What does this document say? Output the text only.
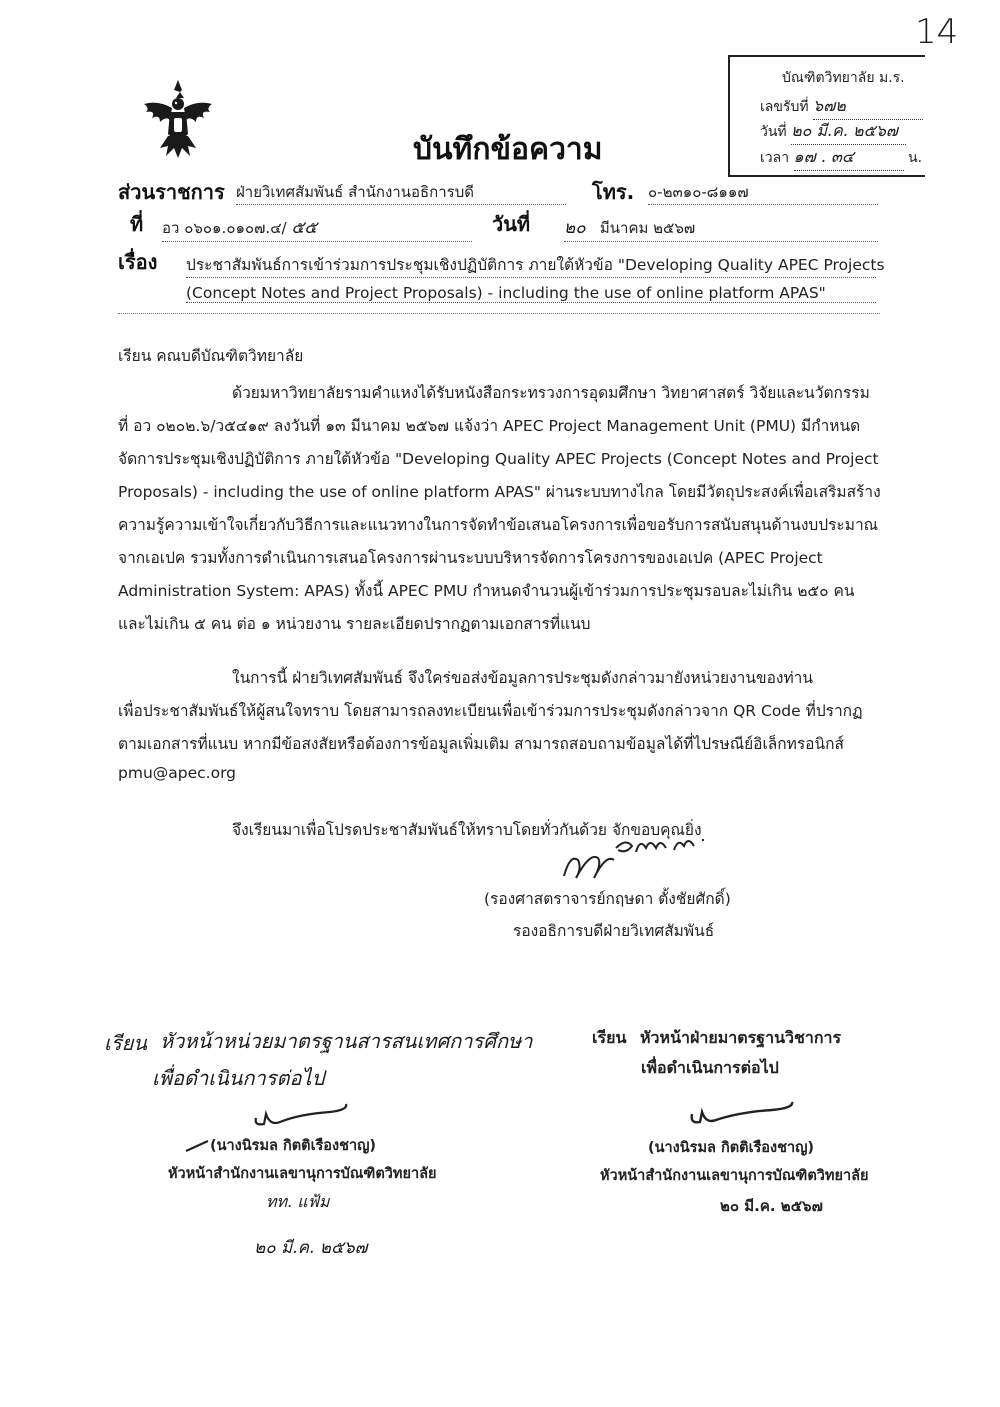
14
บัณฑิตวิทยาลัย ม.ร.
เลขรับที่ ๖๗๒
วันที่ ๒๐ มี.ค. ๒๕๖๗
เวลา ๑๗ . ๓๔	น.
บันทึกข้อความ
ส่วนราชการ ฝ่ายวิเทศสัมพันธ์ สำนักงานอธิการบดี	โทร. ๐-๒๓๑๐-๘๑๑๗
ที่ อว ๐๖๐๑.๐๑๐๗.๔/ ๕๕	วันที่ ๒๐ มีนาคม ๒๕๖๗
เรื่อง ประชาสัมพันธ์การเข้าร่วมการประชุมเชิงปฏิบัติการ ภายใต้หัวข้อ "Developing Quality APEC Projects
(Concept Notes and Project Proposals) - including the use of online platform APAS"
เรียน คณบดีบัณฑิตวิทยาลัย
ด้วยมหาวิทยาลัยรามคำแหงได้รับหนังสือกระทรวงการอุดมศึกษา วิทยาศาสตร์ วิจัยและนวัตกรรม
ที่ อว ๐๒๐๒.๖/ว๕๔๑๙ ลงวันที่ ๑๓ มีนาคม ๒๕๖๗ แจ้งว่า APEC Project Management Unit (PMU) มีกำหนด
จัดการประชุมเชิงปฏิบัติการ ภายใต้หัวข้อ "Developing Quality APEC Projects (Concept Notes and Project
Proposals) - including the use of online platform APAS" ผ่านระบบทางไกล โดยมีวัตถุประสงค์เพื่อเสริมสร้าง
ความรู้ความเข้าใจเกี่ยวกับวิธีการและแนวทางในการจัดทำข้อเสนอโครงการเพื่อขอรับการสนับสนุนด้านงบประมาณ
จากเอเปค รวมทั้งการดำเนินการเสนอโครงการผ่านระบบบริหารจัดการโครงการของเอเปค (APEC Project
Administration System: APAS) ทั้งนี้ APEC PMU กำหนดจำนวนผู้เข้าร่วมการประชุมรอบละไม่เกิน ๒๕๐ คน
และไม่เกิน ๕ คน ต่อ ๑ หน่วยงาน รายละเอียดปรากฏตามเอกสารที่แนบ
ในการนี้ ฝ่ายวิเทศสัมพันธ์ จึงใคร่ขอส่งข้อมูลการประชุมดังกล่าวมายังหน่วยงานของท่าน
เพื่อประชาสัมพันธ์ให้ผู้สนใจทราบ โดยสามารถลงทะเบียนเพื่อเข้าร่วมการประชุมดังกล่าวจาก QR Code ที่ปรากฏ
ตามเอกสารที่แนบ หากมีข้อสงสัยหรือต้องการข้อมูลเพิ่มเติม สามารถสอบถามข้อมูลได้ที่ไปรษณีย์อิเล็กทรอนิกส์
pmu@apec.org
จึงเรียนมาเพื่อโปรดประชาสัมพันธ์ให้ทราบโดยทั่วกันด้วย จักขอบคุณยิ่ง
(รองศาสตราจารย์กฤษดา ตั้งชัยศักดิ์)
รองอธิการบดีฝ่ายวิเทศสัมพันธ์
เรียน หัวหน้าหน่วยมาตรฐานสารสนเทศการศึกษา
เพื่อดำเนินการต่อไป
(นางนิรมล กิตติเรืองชาญ)
หัวหน้าสำนักงานเลขานุการบัณฑิตวิทยาลัย
ทท. แฟ้ม
๒๐ มี.ค. ๒๕๖๗
เรียน หัวหน้าฝ่ายมาตรฐานวิชาการ
เพื่อดำเนินการต่อไป
(นางนิรมล กิตติเรืองชาญ)
หัวหน้าสำนักงานเลขานุการบัณฑิตวิทยาลัย
๒๐ มี.ค. ๒๕๖๗
